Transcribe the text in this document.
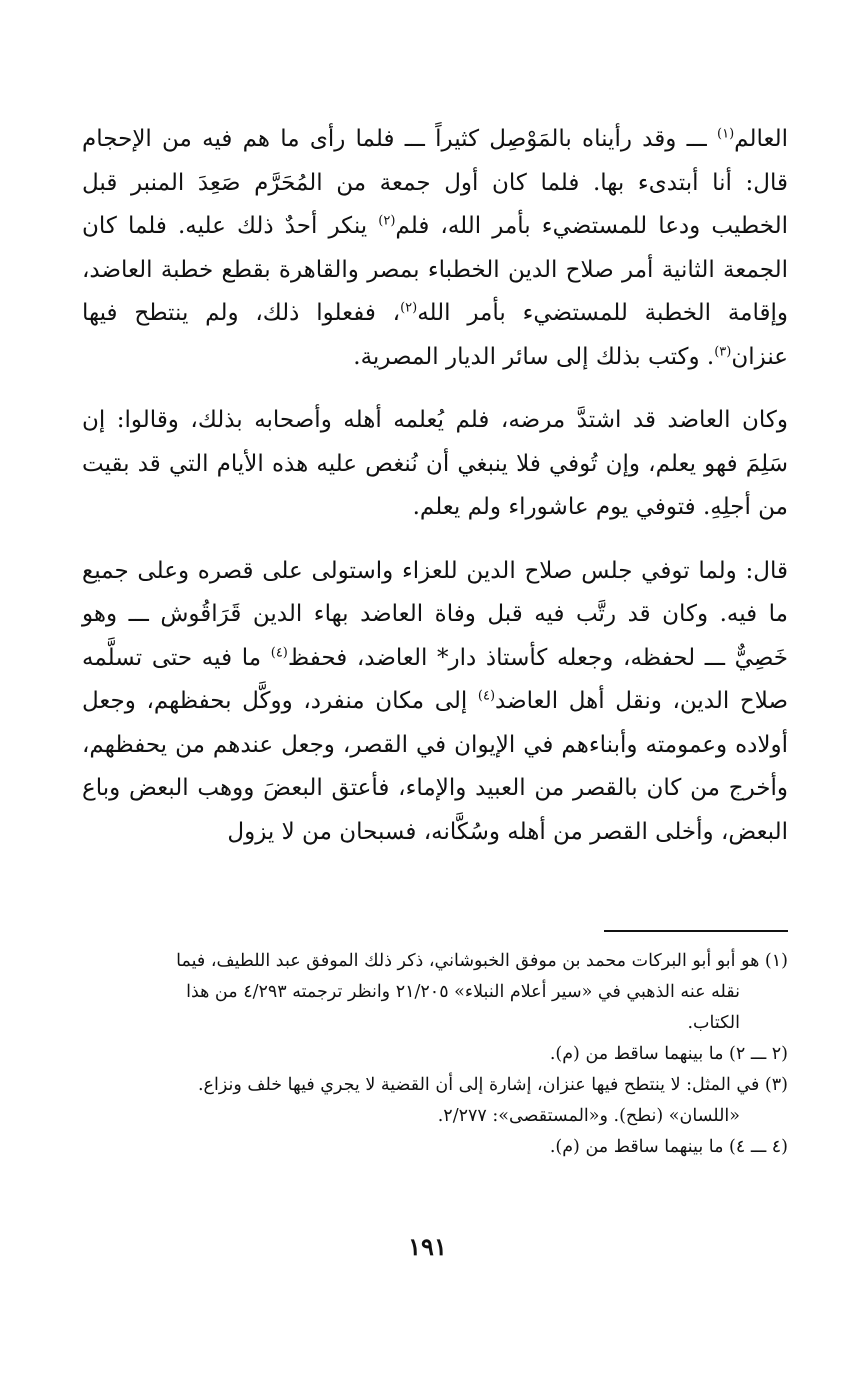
العالم$^{(١)}$ ـــ وقد رأيناه بالمَوْصِل كثيراً ـــ فلما رأى ما هم فيه من الإحجام قال: أنا أبتدىء بها. فلما كان أول جمعة من المُحَرَّم صَعِدَ المنبر قبل الخطيب ودعا للمستضيء بأمر الله، فلم$^{(٢)}$ ينكر أحدٌ ذلك عليه. فلما كان الجمعة الثانية أمر صلاح الدين الخطباء بمصر والقاهرة بقطع خطبة العاضد، وإقامة الخطبة للمستضيء بأمر الله$^{(٢)}$، ففعلوا ذلك، ولم ينتطح فيها عنزان$^{(٣)}$. وكتب بذلك إلى سائر الديار المصرية.

وكان العاضد قد اشتدَّ مرضه، فلم يُعلمه أهله وأصحابه بذلك، وقالوا: إن سَلِمَ فهو يعلم، وإن تُوفي فلا ينبغي أن نُنغص عليه هذه الأيام التي قد بقيت من أجلِهِ. فتوفي يوم عاشوراء ولم يعلم.

قال: ولما توفي جلس صلاح الدين للعزاء واستولى على قصره وعلى جميع ما فيه. وكان قد رتَّب فيه قبل وفاة العاضد بهاء الدين قَرَاقُوش ـــ وهو خَصِيٌّ ـــ لحفظه، وجعله كأستاذ دار* العاضد، فحفظ$^{(٤)}$ ما فيه حتى تسلَّمه صلاح الدين، ونقل أهل العاضد$^{(٤)}$ إلى مكان منفرد، ووكَّل بحفظهم، وجعل أولاده وعمومته وأبناءهم في الإيوان في القصر، وجعل عندهم من يحفظهم، وأخرج من كان بالقصر من العبيد والإماء، فأعتق البعضَ ووهب البعض وباع البعض، وأخلى القصر من أهله وسُكَّانه، فسبحان من لا يزول

(١) هو أبو أبو البركات محمد بن موفق الخبوشاني، ذكر ذلك الموفق عبد اللطيف، فيما
نقله عنه الذهبي في «سير أعلام النبلاء» ٢١/٢٠٥ وانظر ترجمته ٤/٢٩٣ من هذا
الكتاب.

(٢ ـــ ٢) ما بينهما ساقط من (م).

(٣) في المثل: لا ينتطح فيها عنزان، إشارة إلى أن القضية لا يجري فيها خلف ونزاع.
«اللسان» (نطح). و«المستقصى»: ٢/٢٧٧.

(٤ ـــ ٤) ما بينهما ساقط من (م).

١٩١
